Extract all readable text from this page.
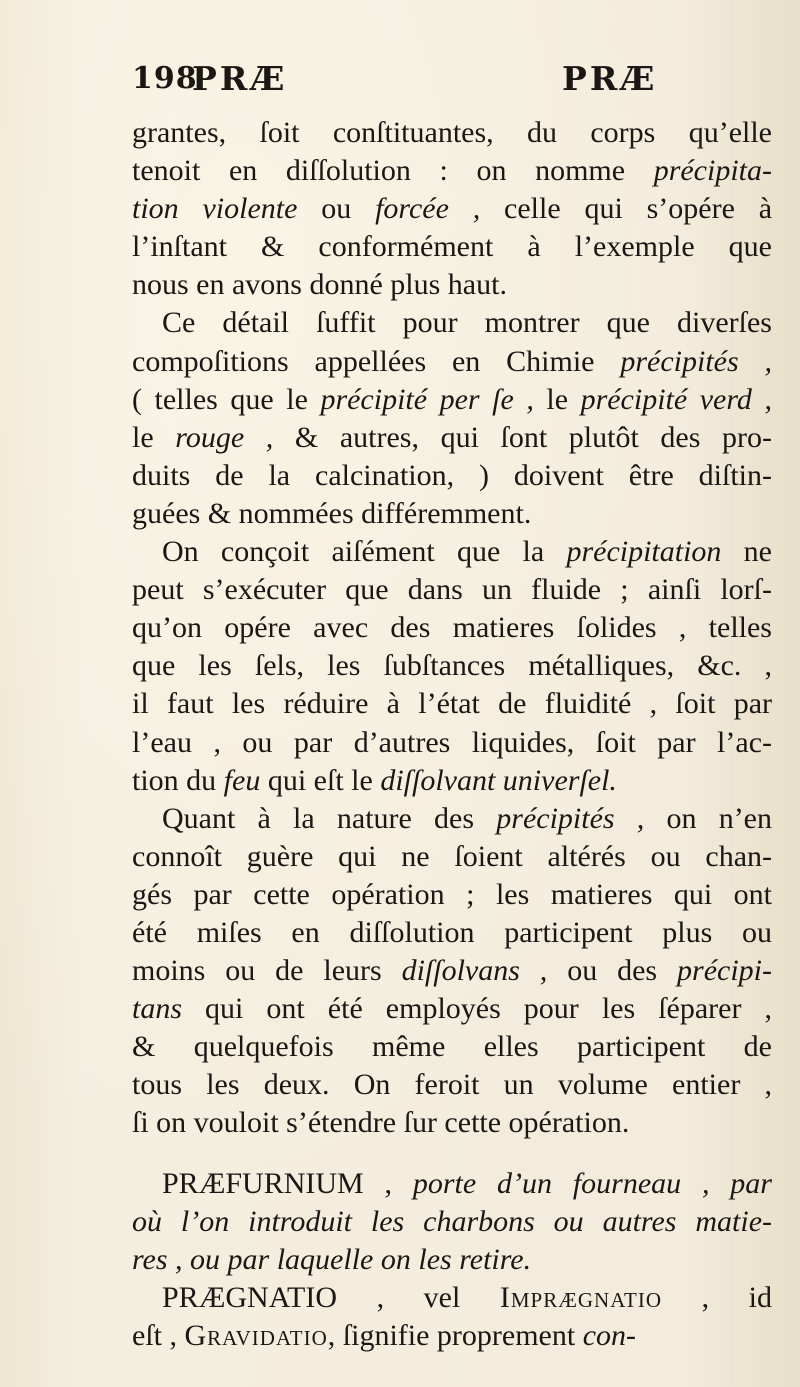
198
PRÆ	PRÆ
grantes, ſoit conſtituantes, du corps qu’elle
tenoit en diſſolution : on nomme précipita-
tion violente ou forcée , celle qui s’opére à
l’inſtant & conformément à l’exemple que
nous en avons donné plus haut.
Ce détail ſuffit pour montrer que diverſes
compoſitions appellées en Chimie précipités ,
( telles que le précipité per ſe , le précipité verd ,
le rouge , & autres, qui ſont plutôt des pro-
duits de la calcination, ) doivent être diſtin-
guées & nommées différemment.
On conçoit aiſément que la précipitation ne
peut s’exécuter que dans un fluide ; ainſi lorſ-
qu’on opére avec des matieres ſolides , telles
que les ſels, les ſubſtances métalliques, &c. ,
il faut les réduire à l’état de fluidité , ſoit par
l’eau , ou par d’autres liquides, ſoit par l’ac-
tion du feu qui eſt le diſſolvant univerſel.
Quant à la nature des précipités , on n’en
connoît guère qui ne ſoient altérés ou chan-
gés par cette opération ; les matieres qui ont
été miſes en diſſolution participent plus ou
moins ou de leurs diſſolvans , ou des précipi-
tans qui ont été employés pour les ſéparer ,
& quelquefois même elles participent de
tous les deux. On feroit un volume entier ,
ſi on vouloit s’étendre ſur cette opération.
PRÆFURNIUM , porte d’un fourneau , par
où l’on introduit les charbons ou autres matie-
res , ou par laquelle on les retire.
PRÆGNATIO , vel Imprægnatio , id
eſt , Gravidatio, ſignifie proprement con-
